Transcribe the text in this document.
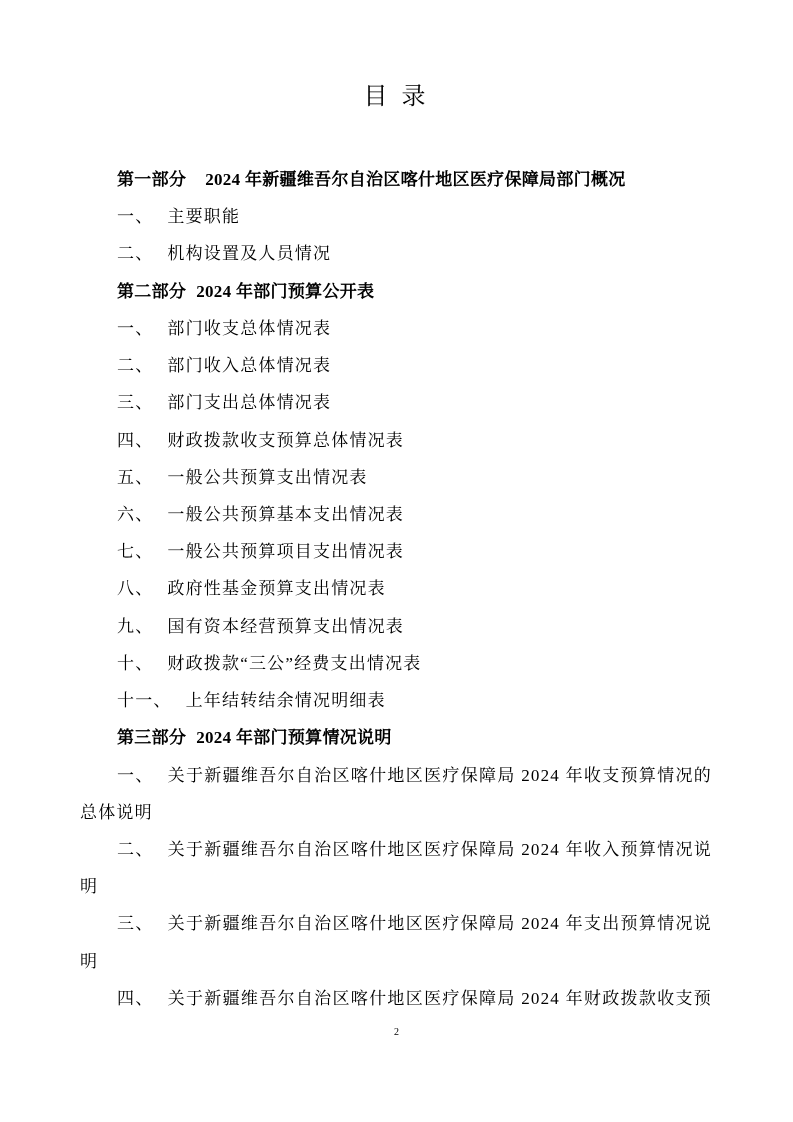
目 录
第一部分 2024 年新疆维吾尔自治区喀什地区医疗保障局部门概况
一、 主要职能
二、 机构设置及人员情况
第二部分 2024 年部门预算公开表
一、 部门收支总体情况表
二、 部门收入总体情况表
三、 部门支出总体情况表
四、 财政拨款收支预算总体情况表
五、 一般公共预算支出情况表
六、 一般公共预算基本支出情况表
七、 一般公共预算项目支出情况表
八、 政府性基金预算支出情况表
九、 国有资本经营预算支出情况表
十、 财政拨款“三公”经费支出情况表
十一、 上年结转结余情况明细表
第三部分 2024 年部门预算情况说明
一、 关于新疆维吾尔自治区喀什地区医疗保障局 2024 年收支预算情况的
总体说明
二、 关于新疆维吾尔自治区喀什地区医疗保障局 2024 年收入预算情况说
明
三、 关于新疆维吾尔自治区喀什地区医疗保障局 2024 年支出预算情况说
明
四、 关于新疆维吾尔自治区喀什地区医疗保障局 2024 年财政拨款收支预
2
